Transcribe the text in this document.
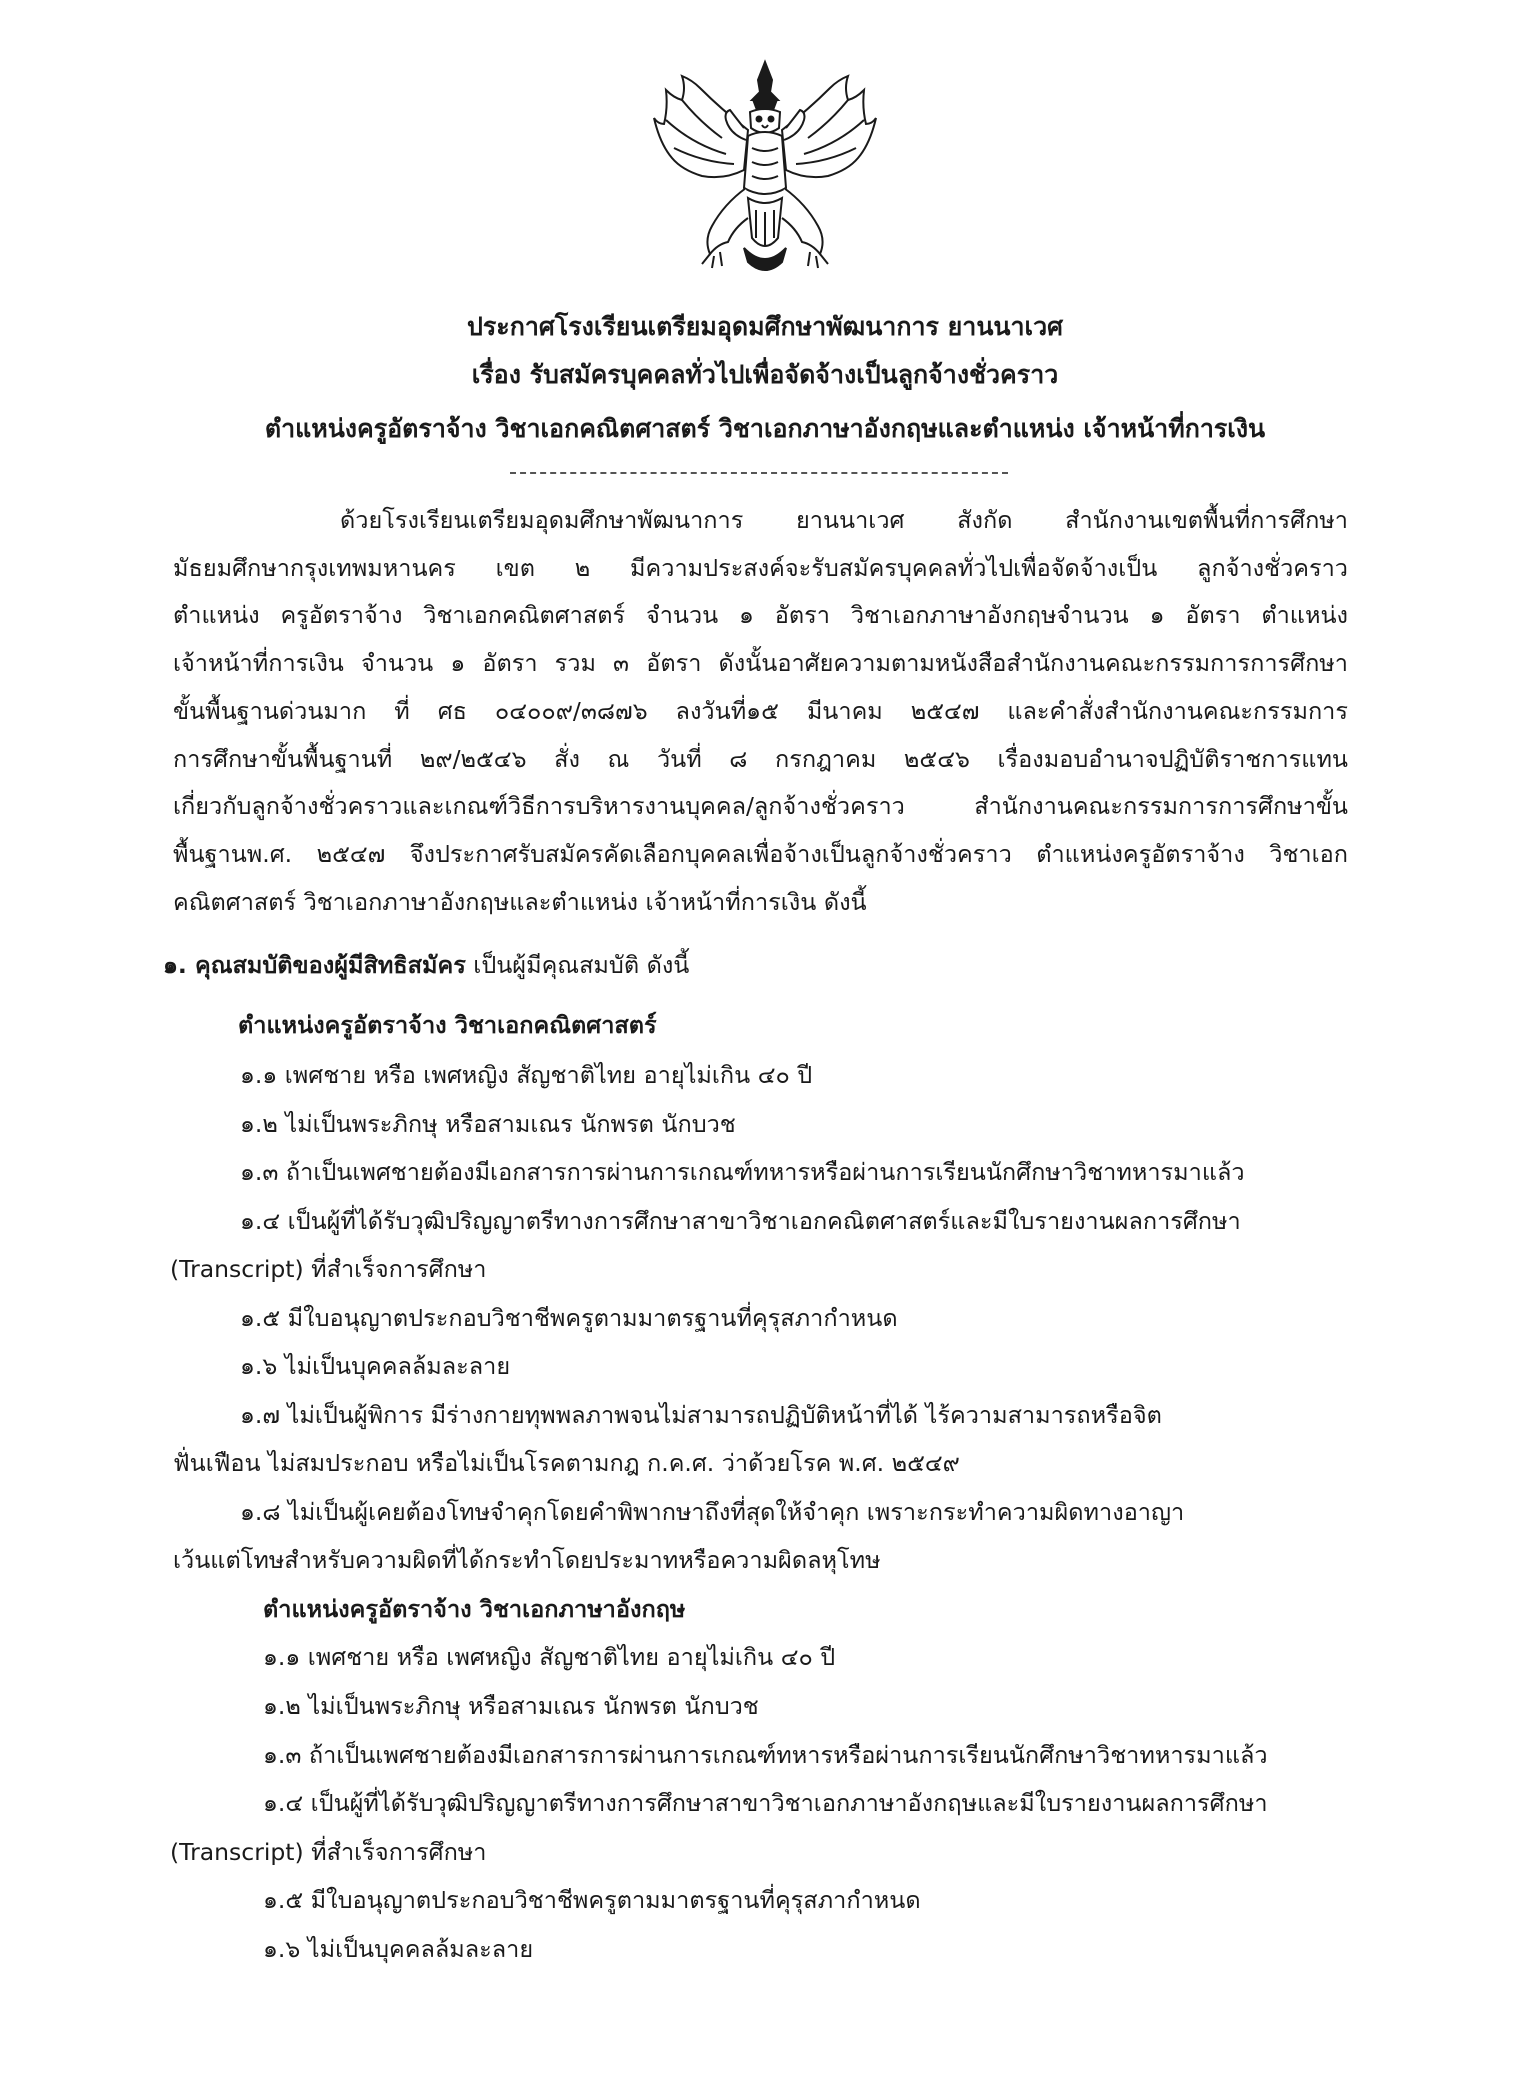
ประกาศโรงเรียนเตรียมอุดมศึกษาพัฒนาการ ยานนาเวศ
เรื่อง รับสมัครบุคคลทั่วไปเพื่อจัดจ้างเป็นลูกจ้างชั่วคราว
ตำแหน่งครูอัตราจ้าง วิชาเอกคณิตศาสตร์ วิชาเอกภาษาอังกฤษและตำแหน่ง เจ้าหน้าที่การเงิน

ด้วยโรงเรียนเตรียมอุดมศึกษาพัฒนาการ ยานนาเวศ สังกัด สำนักงานเขตพื้นที่การศึกษา

มัธยมศึกษากรุงเทพมหานคร เขต ๒ มีความประสงค์จะรับสมัครบุคคลทั่วไปเพื่อจัดจ้างเป็น ลูกจ้างชั่วคราว

ตำแหน่ง ครูอัตราจ้าง วิชาเอกคณิตศาสตร์ จำนวน ๑ อัตรา วิชาเอกภาษาอังกฤษจำนวน ๑ อัตรา ตำแหน่ง

เจ้าหน้าที่การเงิน จำนวน ๑ อัตรา รวม ๓ อัตรา ดังนั้นอาศัยความตามหนังสือสำนักงานคณะกรรมการการศึกษา

ขั้นพื้นฐานด่วนมาก ที่ ศธ ๐๔๐๐๙/๓๘๗๖ ลงวันที่๑๕ มีนาคม ๒๕๔๗ และคำสั่งสำนักงานคณะกรรมการ

การศึกษาขั้นพื้นฐานที่ ๒๙/๒๕๔๖ สั่ง ณ วันที่ ๘ กรกฎาคม ๒๕๔๖ เรื่องมอบอำนาจปฏิบัติราชการแทน

เกี่ยวกับลูกจ้างชั่วคราวและเกณฑ์วิธีการบริหารงานบุคคล/ลูกจ้างชั่วคราว สำนักงานคณะกรรมการการศึกษาขั้น

พื้นฐานพ.ศ. ๒๕๔๗ จึงประกาศรับสมัครคัดเลือกบุคคลเพื่อจ้างเป็นลูกจ้างชั่วคราว ตำแหน่งครูอัตราจ้าง วิชาเอก

คณิตศาสตร์ วิชาเอกภาษาอังกฤษและตำแหน่ง เจ้าหน้าที่การเงิน ดังนี้

๑. คุณสมบัติของผู้มีสิทธิสมัคร เป็นผู้มีคุณสมบัติ ดังนี้

ตำแหน่งครูอัตราจ้าง วิชาเอกคณิตศาสตร์

๑.๑ เพศชาย หรือ เพศหญิง สัญชาติไทย อายุไม่เกิน ๔๐ ปี

๑.๒ ไม่เป็นพระภิกษุ หรือสามเณร นักพรต นักบวช

๑.๓ ถ้าเป็นเพศชายต้องมีเอกสารการผ่านการเกณฑ์ทหารหรือผ่านการเรียนนักศึกษาวิชาทหารมาแล้ว

๑.๔ เป็นผู้ที่ได้รับวุฒิปริญญาตรีทางการศึกษาสาขาวิชาเอกคณิตศาสตร์และมีใบรายงานผลการศึกษา

(Transcript) ที่สำเร็จการศึกษา

๑.๕ มีใบอนุญาตประกอบวิชาชีพครูตามมาตรฐานที่คุรุสภากำหนด

๑.๖ ไม่เป็นบุคคลล้มละลาย

๑.๗ ไม่เป็นผู้พิการ มีร่างกายทุพพลภาพจนไม่สามารถปฏิบัติหน้าที่ได้ ไร้ความสามารถหรือจิต

ฟั่นเฟือน ไม่สมประกอบ หรือไม่เป็นโรคตามกฎ ก.ค.ศ. ว่าด้วยโรค พ.ศ. ๒๕๔๙

๑.๘ ไม่เป็นผู้เคยต้องโทษจำคุกโดยคำพิพากษาถึงที่สุดให้จำคุก เพราะกระทำความผิดทางอาญา

เว้นแต่โทษสำหรับความผิดที่ได้กระทำโดยประมาทหรือความผิดลหุโทษ

ตำแหน่งครูอัตราจ้าง วิชาเอกภาษาอังกฤษ

๑.๑ เพศชาย หรือ เพศหญิง สัญชาติไทย อายุไม่เกิน ๔๐ ปี

๑.๒ ไม่เป็นพระภิกษุ หรือสามเณร นักพรต นักบวช

๑.๓ ถ้าเป็นเพศชายต้องมีเอกสารการผ่านการเกณฑ์ทหารหรือผ่านการเรียนนักศึกษาวิชาทหารมาแล้ว

๑.๔ เป็นผู้ที่ได้รับวุฒิปริญญาตรีทางการศึกษาสาขาวิชาเอกภาษาอังกฤษและมีใบรายงานผลการศึกษา

(Transcript) ที่สำเร็จการศึกษา

๑.๕ มีใบอนุญาตประกอบวิชาชีพครูตามมาตรฐานที่คุรุสภากำหนด

๑.๖ ไม่เป็นบุคคลล้มละลาย
